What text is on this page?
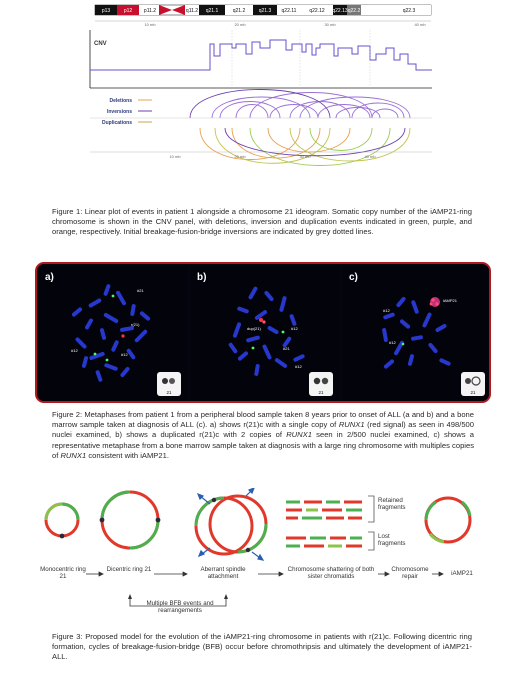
p13	p12 p11.2	q11.2 q21.1	q21.2	q21.3 q22.11	q22.12 q22.13 q22.2	q22.3
10 mb	20 mb	30 mb	40 mb
CNV
Deletions
Inversions
Duplications
10 mb	20 mb	30 mb	40 mb

Figure 1: Linear plot of events in patient 1 alongside a chromosome 21 ideogram. Somatic copy number of the iAMP21-ring chromosome is shown in the CNV panel, with deletions, inversion and duplication events indicated in green, purple, and orange, respectively. Initial breakage-fusion-bridge inversions are indicated by grey dotted lines.

a)
#21
r(21)
#12
#12
21
b)
dup(21)	#12
#21
#12
21
c)
iAMP21
#12
#12
21

Figure 2: Metaphases from patient 1 from a peripheral blood sample taken 8 years prior to onset of ALL (a and b) and a bone marrow sample taken at diagnosis of ALL (c). a) shows r(21)c with a single copy of RUNX1 (red signal) as seen in 498/500 nuclei examined, b) shows a duplicated r(21)c with 2 copies of RUNX1 seen in 2/500 nuclei examined, c) shows a representative metaphase from a bone marrow sample taken at diagnosis with a large ring chromosome with multiples copies of RUNX1 consistent with iAMP21.

Monocentric ring 21
Dicentric ring 21	Aberrant spindle attachment
Chromosome shattering of both sister chromatids
Chromosome repair	iAMP21
Retained fragments
Lost fragments
Multiple BFB events and rearrangements

Figure 3: Proposed model for the evolution of the iAMP21-ring chromosome in patients with r(21)c. Following dicentric ring formation, cycles of breakage-fusion-bridge (BFB) occur before chromothripsis and ultimately the development of iAMP21-ALL.
